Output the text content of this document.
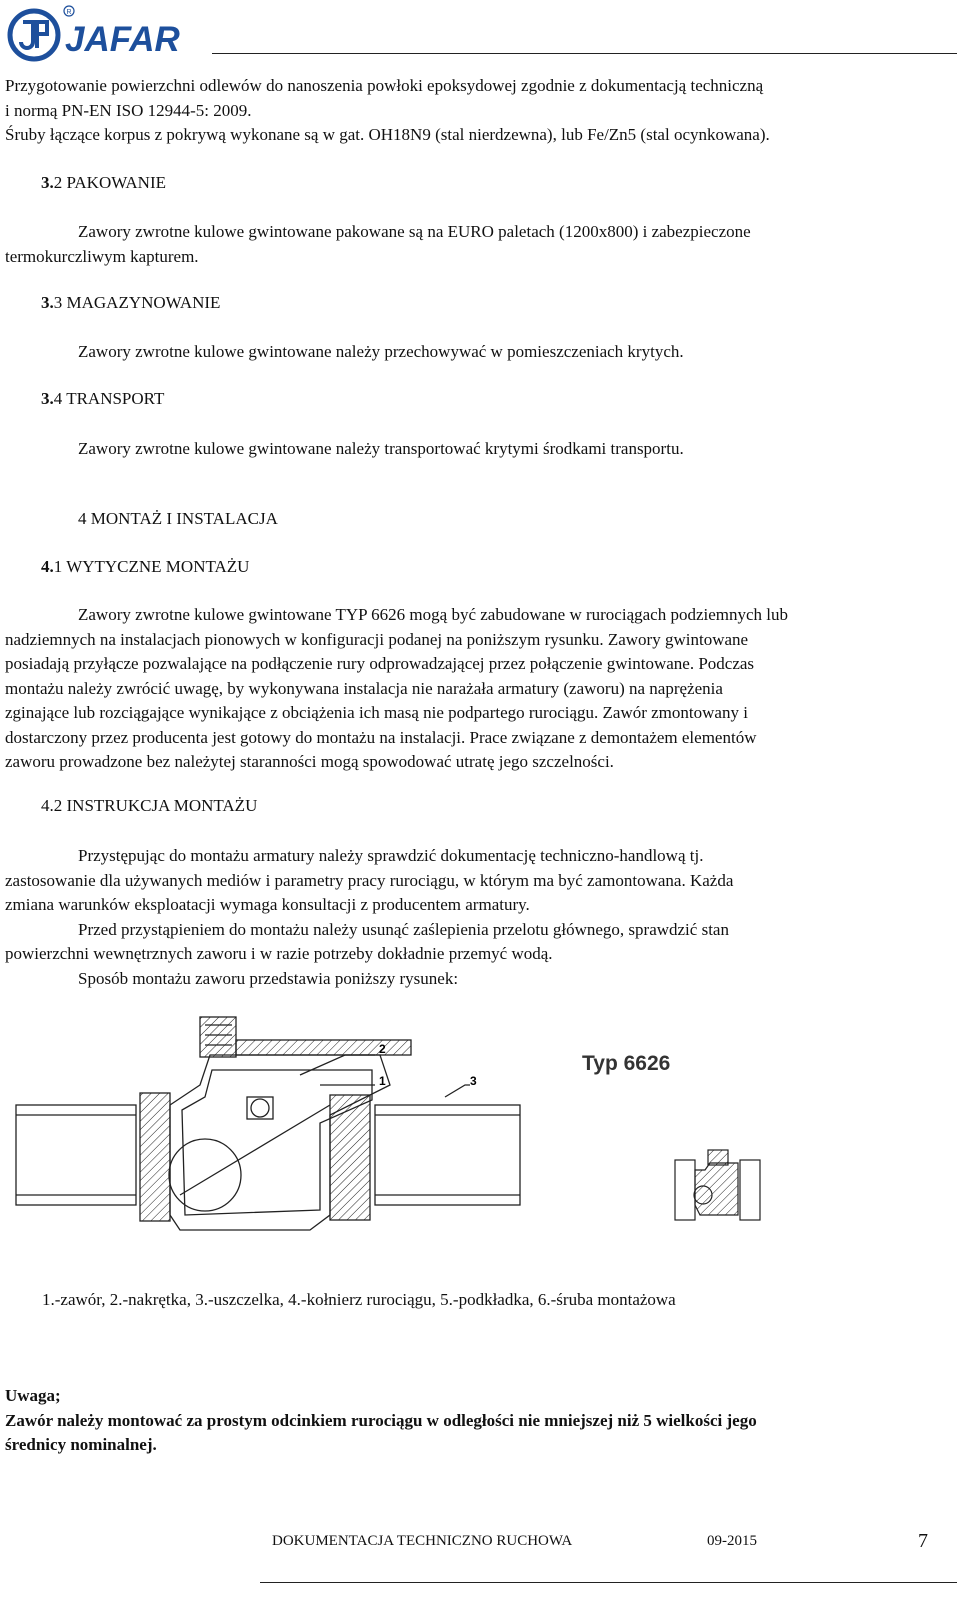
R
JAFAR

Przygotowanie powierzchni odlewów do nanoszenia powłoki epoksydowej zgodnie z dokumentacją techniczną
i normą PN-EN ISO 12944-5: 2009.
Śruby łączące korpus z pokrywą wykonane są w gat. OH18N9 (stal nierdzewna), lub Fe/Zn5 (stal ocynkowana).

3.2 PAKOWANIE

Zawory zwrotne kulowe gwintowane pakowane są na EURO paletach (1200x800) i zabezpieczone
termokurczliwym kapturem.

3.3 MAGAZYNOWANIE

Zawory zwrotne kulowe gwintowane należy przechowywać w pomieszczeniach krytych.

3.4 TRANSPORT

Zawory zwrotne kulowe gwintowane należy transportować krytymi środkami transportu.

4 MONTAŻ I INSTALACJA
4.1 WYTYCZNE MONTAŻU

Zawory zwrotne kulowe gwintowane TYP 6626 mogą być zabudowane w rurociągach podziemnych lub
nadziemnych na instalacjach pionowych w konfiguracji podanej na poniższym rysunku. Zawory gwintowane
posiadają przyłącze pozwalające na podłączenie rury odprowadzającej przez połączenie gwintowane. Podczas
montażu należy zwrócić uwagę, by wykonywana instalacja nie narażała armatury (zaworu) na naprężenia
zginające lub rozciągające wynikające z obciążenia ich masą nie podpartego rurociągu. Zawór zmontowany i
dostarczony przez producenta jest gotowy do montażu na instalacji. Prace związane z demontażem elementów
zaworu prowadzone bez należytej staranności mogą spowodować utratę jego szczelności.

4.2 INSTRUKCJA MONTAŻU

Przystępując do montażu armatury należy sprawdzić dokumentację techniczno-handlową tj.
zastosowanie dla używanych mediów i parametry pracy rurociągu, w którym ma być zamontowana. Każda
zmiana warunków eksploatacji wymaga konsultacji z producentem armatury.
Przed przystąpieniem do montażu należy usunąć zaślepienia przelotu głównego, sprawdzić stan
powierzchni wewnętrznych zaworu i w razie potrzeby dokładnie przemyć wodą.
Sposób montażu zaworu przedstawia poniższy rysunek:

2
1	3
Typ 6626

1.-zawór, 2.-nakrętka, 3.-uszczelka, 4.-kołnierz rurociągu, 5.-podkładka, 6.-śruba montażowa

Uwaga;
Zawór należy montować za prostym odcinkiem rurociągu w odległości nie mniejszej niż 5 wielkości jego
średnicy nominalnej.

DOKUMENTACJA TECHNICZNO RUCHOWA	09-2015	7
